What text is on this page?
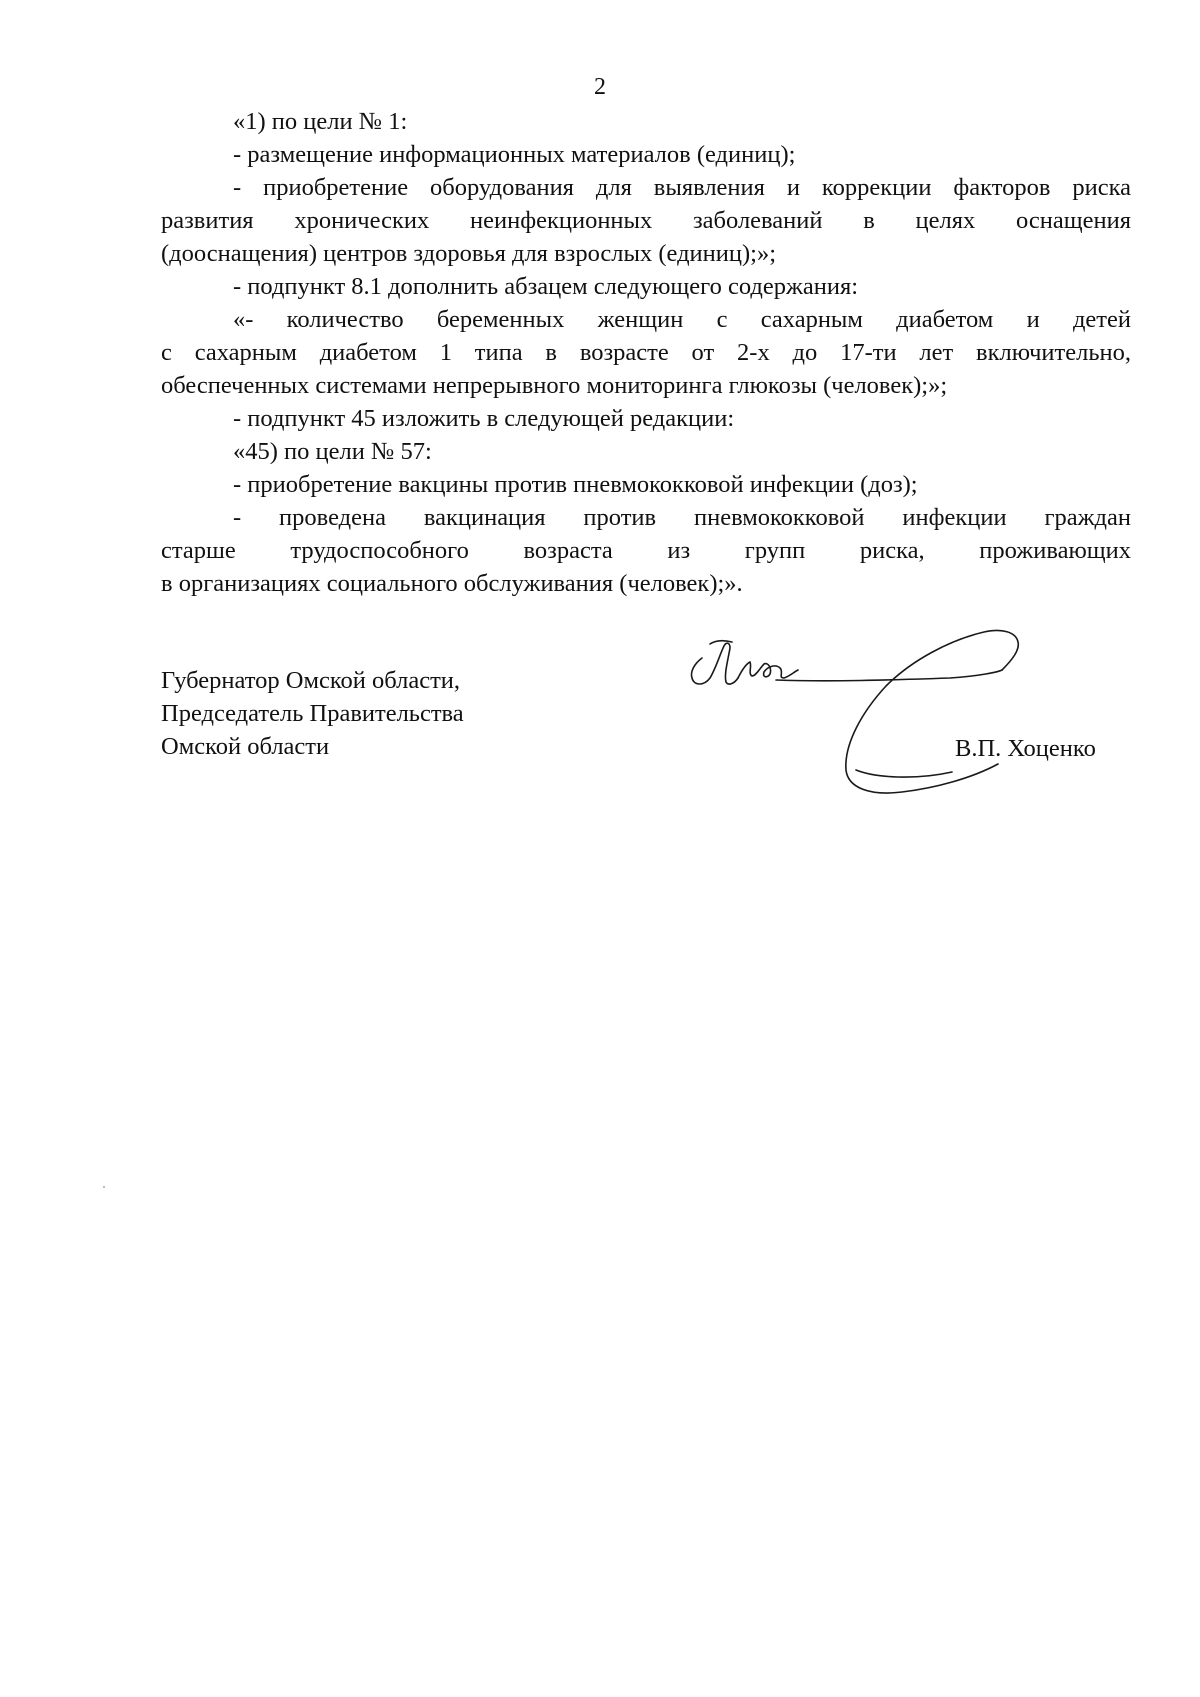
2
«1) по цели № 1:
- размещение информационных материалов (единиц);
- приобретение оборудования для выявления и коррекции факторов риска
развития хронических неинфекционных заболеваний в целях оснащения
(дооснащения) центров здоровья для взрослых (единиц);»;
- подпункт 8.1 дополнить абзацем следующего содержания:
«- количество беременных женщин с сахарным диабетом и детей
с сахарным диабетом 1 типа в возрасте от 2-х до 17-ти лет включительно,
обеспеченных системами непрерывного мониторинга глюкозы (человек);»;
- подпункт 45 изложить в следующей редакции:
«45) по цели № 57:
- приобретение вакцины против пневмококковой инфекции (доз);
- проведена вакцинация против пневмококковой инфекции граждан
старше трудоспособного возраста из групп риска, проживающих
в организациях социального обслуживания (человек);».
Губернатор Омской области,
Председатель Правительства
Омской области	В.П. Хоценко
